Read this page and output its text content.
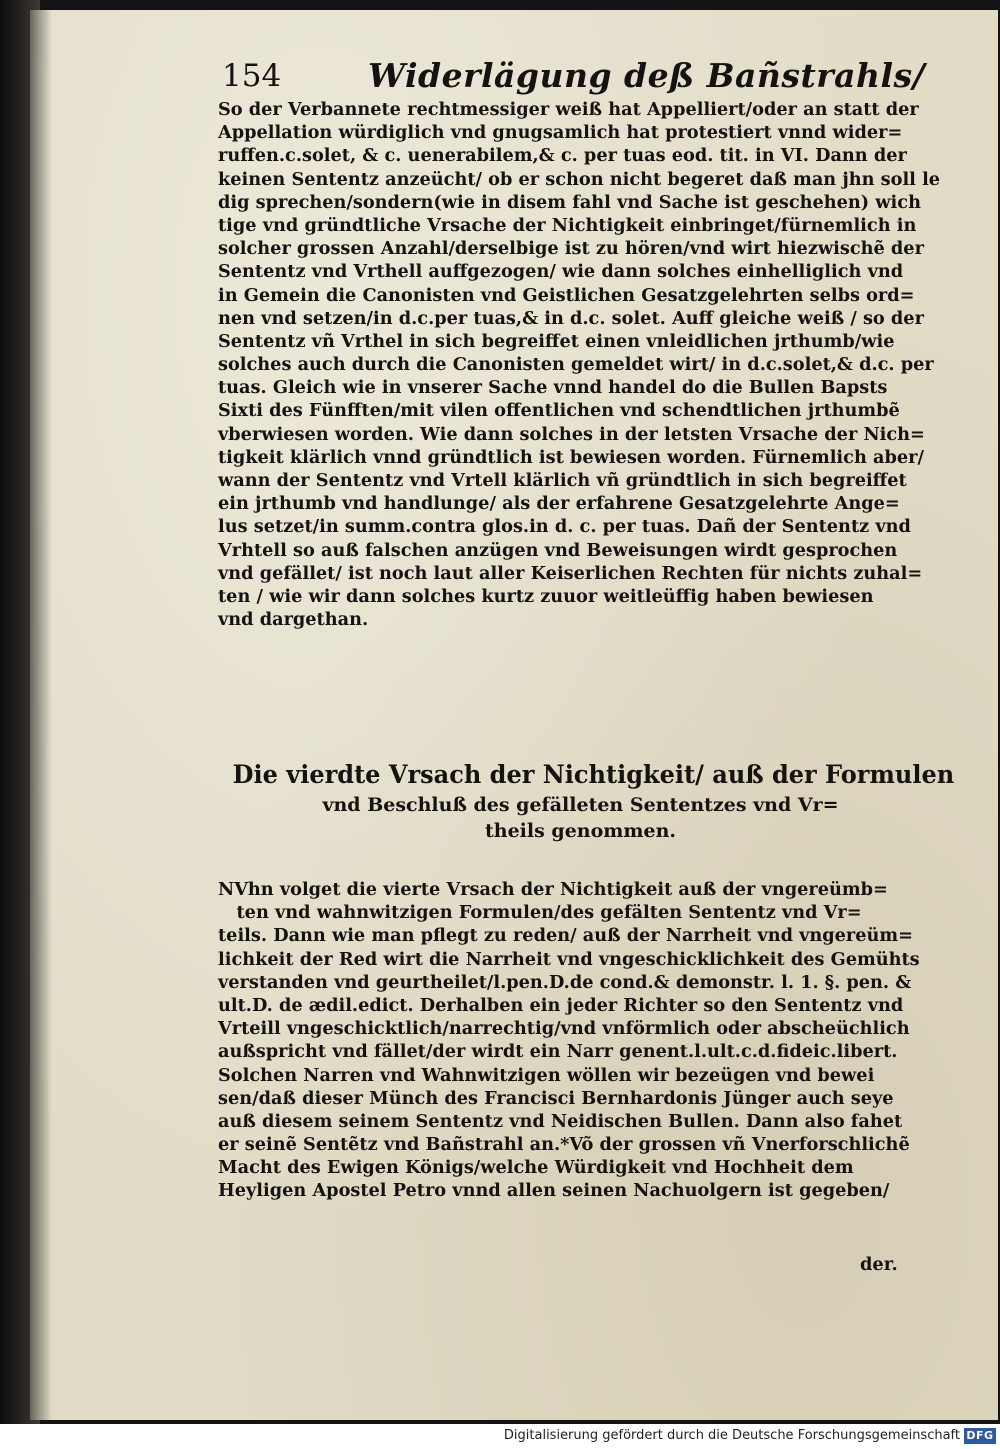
154	Widerlägung deß Bañstrahls/
So der Verbannete rechtmessiger weiß hat Appelliert/oder an statt der
Appellation würdiglich vnd gnugsamlich hat protestiert vnnd wider=
ruffen.c.solet, & c. uenerabilem,& c. per tuas eod. tit. in VI. Dann der
keinen Sententz anzeücht/ ob er schon nicht begeret daß man jhn soll le
dig sprechen/sondern(wie in disem fahl vnd Sache ist geschehen) wich
tige vnd gründtliche Vrsache der Nichtigkeit einbringet/fürnemlich in
solcher grossen Anzahl/derselbige ist zu hören/vnd wirt hiezwischẽ der
Sententz vnd Vrthell auffgezogen/ wie dann solches einhelliglich vnd
in Gemein die Canonisten vnd Geistlichen Gesatzgelehrten selbs ord=
nen vnd setzen/in d.c.per tuas,& in d.c. solet. Auff gleiche weiß / so der
Sententz vñ Vrthel in sich begreiffet einen vnleidlichen jrthumb/wie
solches auch durch die Canonisten gemeldet wirt/ in d.c.solet,& d.c. per
tuas. Gleich wie in vnserer Sache vnnd handel do die Bullen Bapsts
Sixti des Fünfften/mit vilen offentlichen vnd schendtlichen jrthumbẽ
vberwiesen worden. Wie dann solches in der letsten Vrsache der Nich=
tigkeit klärlich vnnd gründtlich ist bewiesen worden. Fürnemlich aber/
wann der Sententz vnd Vrtell klärlich vñ gründtlich in sich begreiffet
ein jrthumb vnd handlunge/ als der erfahrene Gesatzgelehrte Ange=
lus setzet/in summ.contra glos.in d. c. per tuas. Dañ der Sententz vnd
Vrhtell so auß falschen anzügen vnd Beweisungen wirdt gesprochen
vnd gefället/ ist noch laut aller Keiserlichen Rechten für nichts zuhal=
ten / wie wir dann solches kurtz zuuor weitleüffig haben bewiesen
vnd dargethan.
Die vierdte Vrsach der Nichtigkeit/ auß der Formulen
vnd Beschluß des gefälleten Sententzes vnd Vr=
theils genommen.
NVhn volget die vierte Vrsach der Nichtigkeit auß der vngereümb=
ten vnd wahnwitzigen Formulen/des gefälten Sententz vnd Vr=
teils. Dann wie man pflegt zu reden/ auß der Narrheit vnd vngereüm=
lichkeit der Red wirt die Narrheit vnd vngeschicklichkeit des Gemühts
verstanden vnd geurtheilet/l.pen.D.de cond.& demonstr. l. 1. §. pen. &
ult.D. de ædil.edict. Derhalben ein jeder Richter so den Sententz vnd
Vrteill vngeschicktlich/narrechtig/vnd vnförmlich oder abscheüchlich
außspricht vnd fället/der wirdt ein Narr genent.l.ult.c.d.fideic.libert.
Solchen Narren vnd Wahnwitzigen wöllen wir bezeügen vnd bewei
sen/daß dieser Münch des Francisci Bernhardonis Jünger auch seye
auß diesem seinem Sententz vnd Neidischen Bullen. Dann also fahet
er seinẽ Sentẽtz vnd Bañstrahl an.*Võ der grossen vñ Vnerforschlichẽ
Macht des Ewigen Königs/welche Würdigkeit vnd Hochheit dem
Heyligen Apostel Petro vnnd allen seinen Nachuolgern ist gegeben/
der.
Digitalisierung gefördert durch die Deutsche Forschungsgemeinschaft DFG
